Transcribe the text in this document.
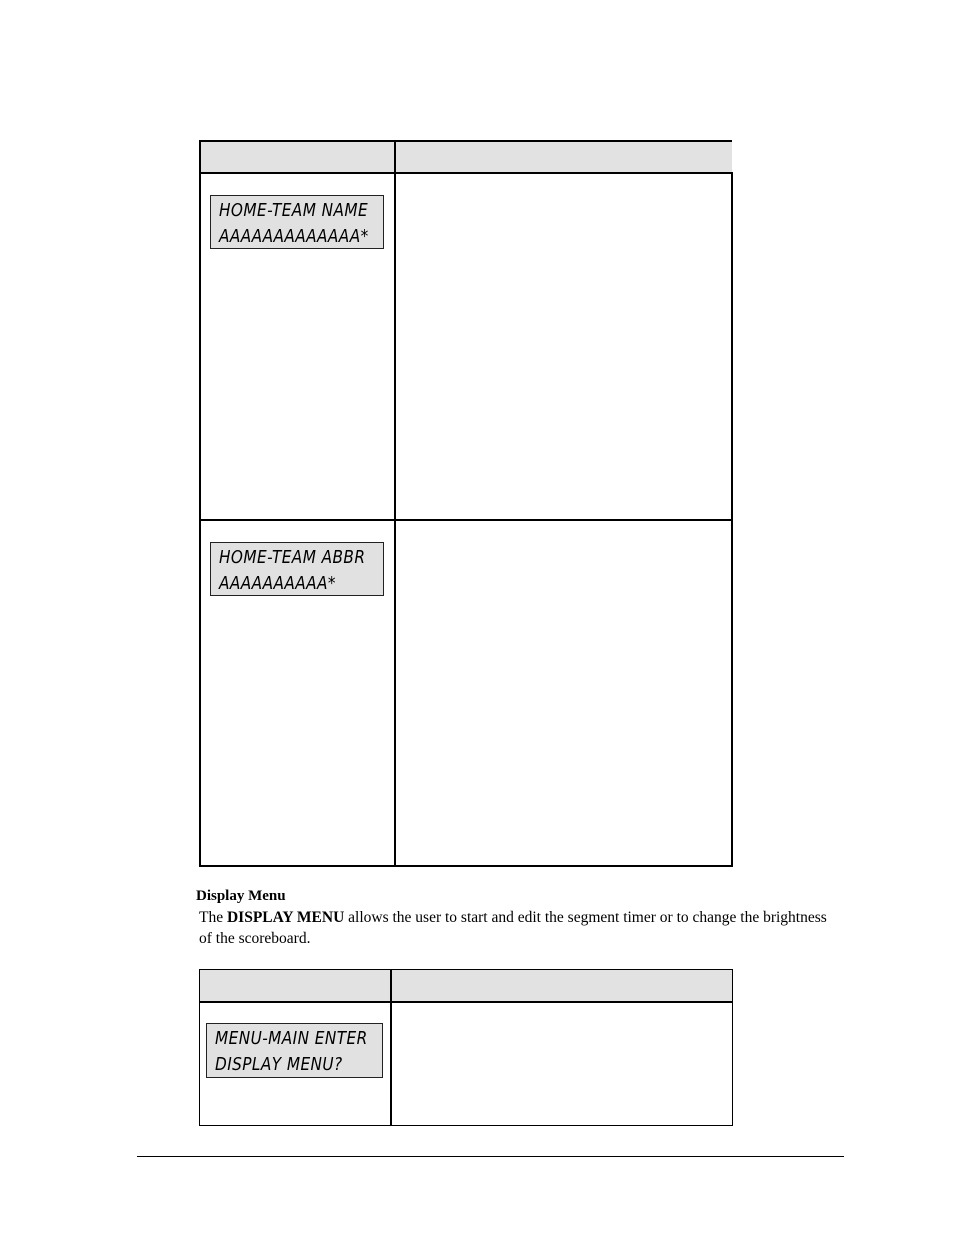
HOME-TEAM NAME
AAAAAAAAAAAAA*
HOME-TEAM ABBR
AAAAAAAAAA*
Display Menu
The DISPLAY MENU allows the user to start and edit the segment timer or to change the brightness of the scoreboard.
MENU-MAIN ENTER
DISPLAY MENU?
